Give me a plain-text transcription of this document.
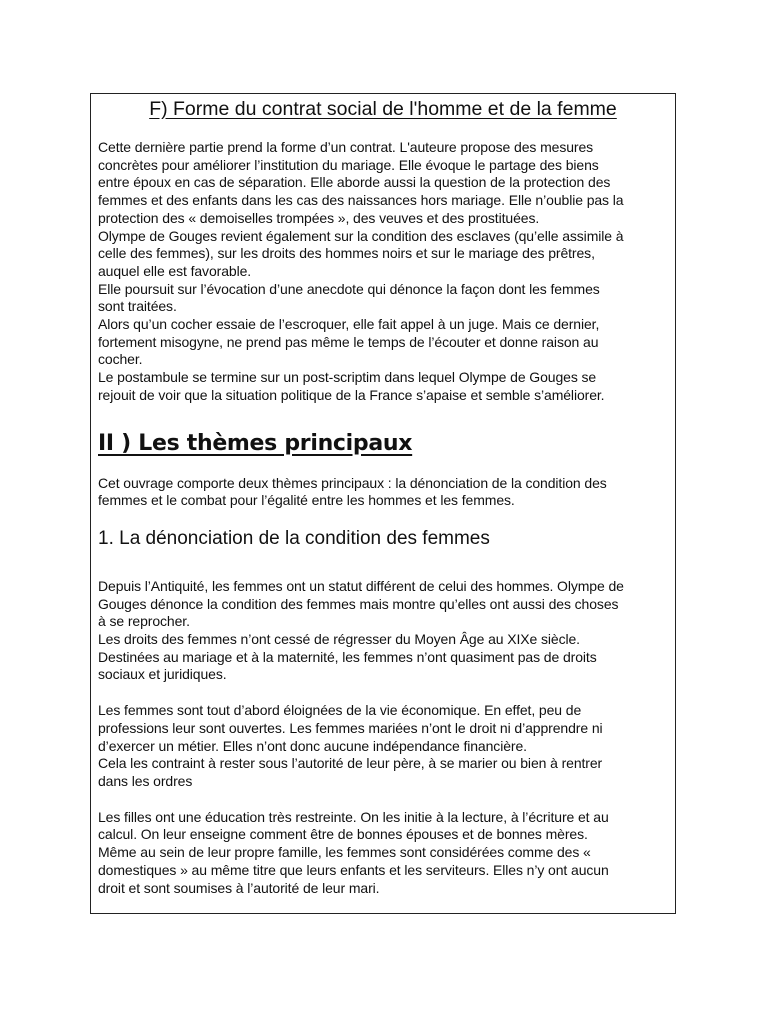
F) Forme du contrat social de l'homme et de la femme

Cette dernière partie prend la forme d’un contrat. L'auteure propose des mesures

concrètes pour améliorer l’institution du mariage. Elle évoque le partage des biens

entre époux en cas de séparation. Elle aborde aussi la question de la protection des

femmes et des enfants dans les cas des naissances hors mariage. Elle n’oublie pas la

protection des « demoiselles trompées », des veuves et des prostituées.

Olympe de Gouges revient également sur la condition des esclaves (qu’elle assimile à

celle des femmes), sur les droits des hommes noirs et sur le mariage des prêtres,

auquel elle est favorable.

Elle poursuit sur l’évocation d’une anecdote qui dénonce la façon dont les femmes

sont traitées.

Alors qu’un cocher essaie de l’escroquer, elle fait appel à un juge. Mais ce dernier,

fortement misogyne, ne prend pas même le temps de l’écouter et donne raison au

cocher.

Le postambule se termine sur un post-scriptim dans lequel Olympe de Gouges se

rejouit de voir que la situation politique de la France s’apaise et semble s’améliorer.

II ) Les thèmes principaux

Cet ouvrage comporte deux thèmes principaux : la dénonciation de la condition des

femmes et le combat pour l’égalité entre les hommes et les femmes.

1. La dénonciation de la condition des femmes

Depuis l’Antiquité, les femmes ont un statut différent de celui des hommes. Olympe de

Gouges dénonce la condition des femmes mais montre qu’elles ont aussi des choses

à se reprocher.

Les droits des femmes n’ont cessé de régresser du Moyen Âge au XIXe siècle.

Destinées au mariage et à la maternité, les femmes n’ont quasiment pas de droits

sociaux et juridiques.

Les femmes sont tout d’abord éloignées de la vie économique. En effet, peu de

professions leur sont ouvertes. Les femmes mariées n’ont le droit ni d’apprendre ni

d’exercer un métier. Elles n’ont donc aucune indépendance financière.

Cela les contraint à rester sous l’autorité de leur père, à se marier ou bien à rentrer

dans les ordres

Les filles ont une éducation très restreinte. On les initie à la lecture, à l’écriture et au

calcul. On leur enseigne comment être de bonnes épouses et de bonnes mères.

Même au sein de leur propre famille, les femmes sont considérées comme des «

domestiques » au même titre que leurs enfants et les serviteurs. Elles n’y ont aucun

droit et sont soumises à l’autorité de leur mari.
